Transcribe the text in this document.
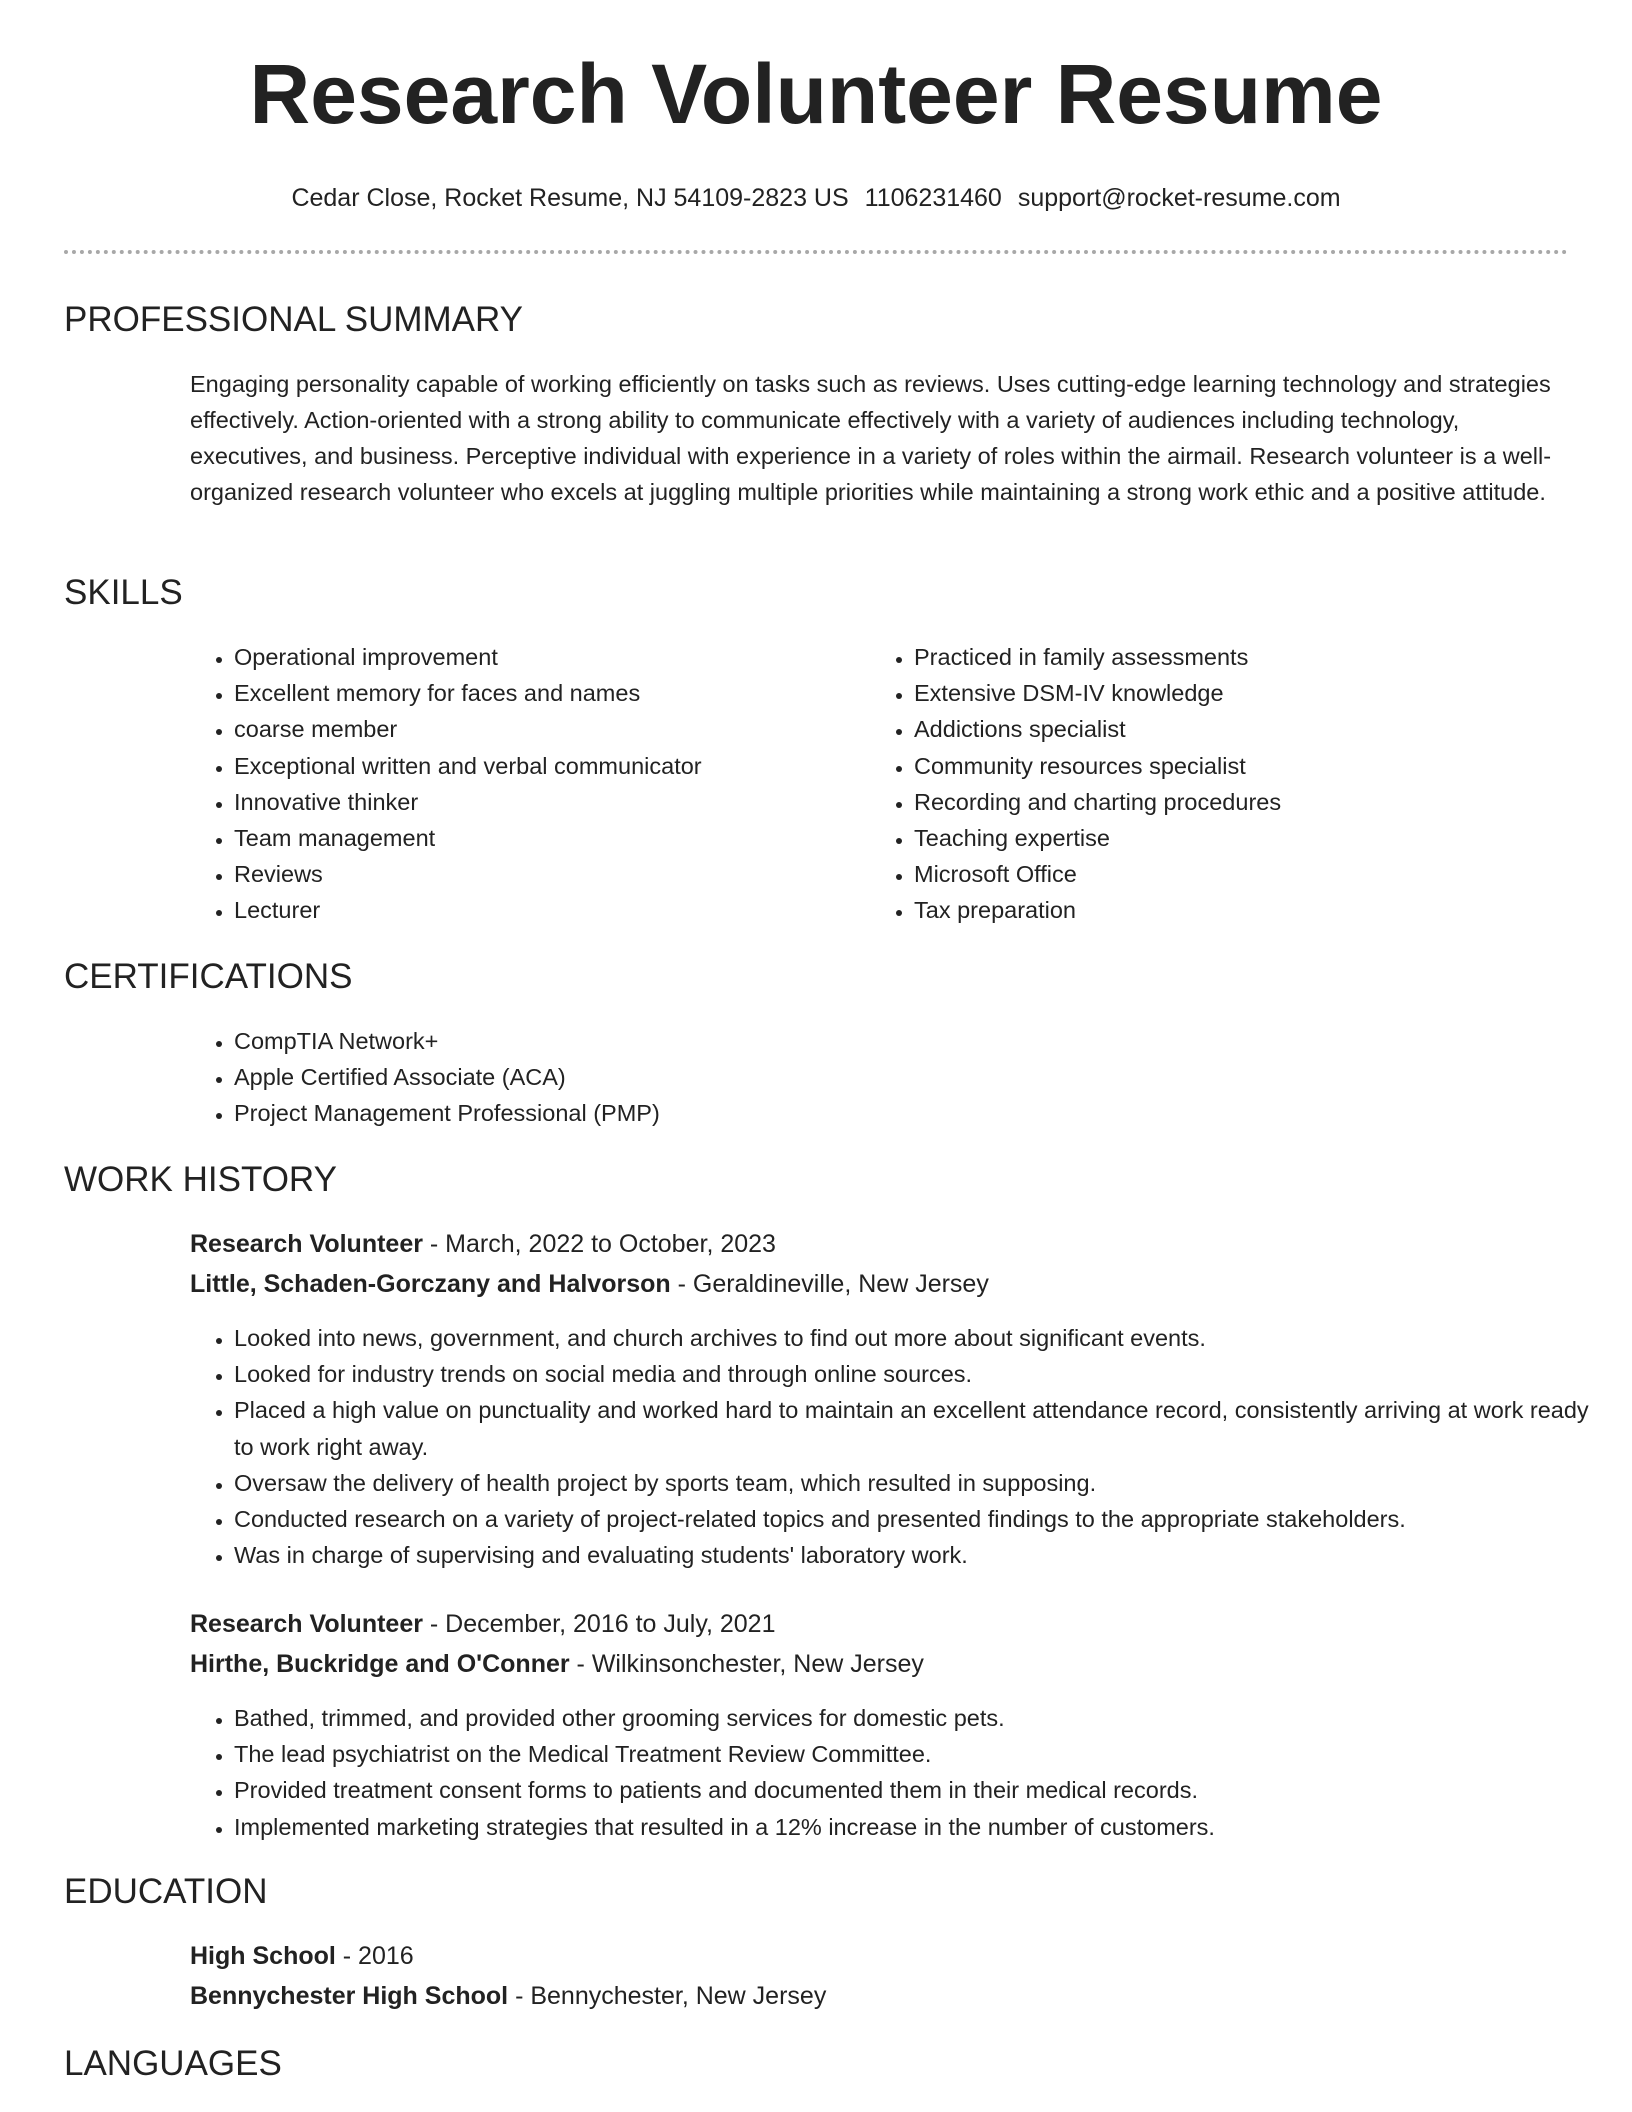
Research Volunteer Resume
Cedar Close, Rocket Resume, NJ 54109-2823 US 1106231460 support@rocket-resume.com
PROFESSIONAL SUMMARY

Engaging personality capable of working efficiently on tasks such as reviews. Uses cutting-edge learning technology and strategies effectively. Action-oriented with a strong ability to communicate effectively with a variety of audiences including technology, executives, and business. Perceptive individual with experience in a variety of roles within the airmail. Research volunteer is a well-organized research volunteer who excels at juggling multiple priorities while maintaining a strong work ethic and a positive attitude.

SKILLS
• Operational improvement
• Excellent memory for faces and names
• coarse member
• Exceptional written and verbal communicator
• Innovative thinker
• Team management
• Reviews
• Lecturer
• Practiced in family assessments
• Extensive DSM-IV knowledge
• Addictions specialist
• Community resources specialist
• Recording and charting procedures
• Teaching expertise
• Microsoft Office
• Tax preparation
CERTIFICATIONS
• CompTIA Network+
• Apple Certified Associate (ACA)
• Project Management Professional (PMP)
WORK HISTORY
Research Volunteer - March, 2022 to October, 2023
Little, Schaden-Gorczany and Halvorson - Geraldineville, New Jersey
• Looked into news, government, and church archives to find out more about significant events.
• Looked for industry trends on social media and through online sources.
• Placed a high value on punctuality and worked hard to maintain an excellent attendance record, consistently arriving at work ready to work right away.
• Oversaw the delivery of health project by sports team, which resulted in supposing.
• Conducted research on a variety of project-related topics and presented findings to the appropriate stakeholders.
• Was in charge of supervising and evaluating students' laboratory work.
Research Volunteer - December, 2016 to July, 2021
Hirthe, Buckridge and O'Conner - Wilkinsonchester, New Jersey
• Bathed, trimmed, and provided other grooming services for domestic pets.
• The lead psychiatrist on the Medical Treatment Review Committee.
• Provided treatment consent forms to patients and documented them in their medical records.
• Implemented marketing strategies that resulted in a 12% increase in the number of customers.
EDUCATION
High School - 2016
Bennychester High School - Bennychester, New Jersey
LANGUAGES
